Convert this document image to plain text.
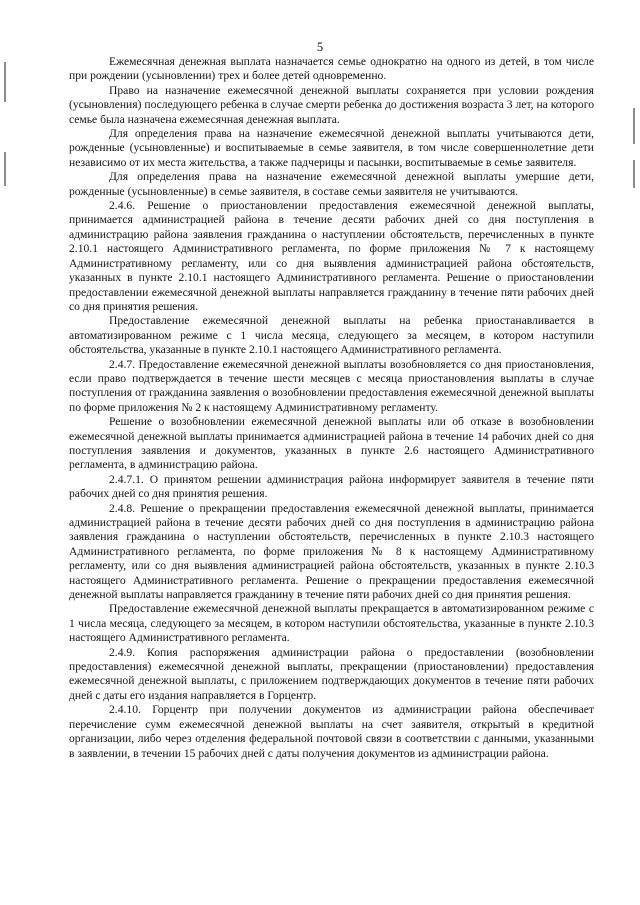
5

Ежемесячная денежная выплата назначается семье однократно на одного из детей, в том числе при рождении (усыновлении) трех и более детей одновременно.

Право на назначение ежемесячной денежной выплаты сохраняется при условии рождения (усыновления) последующего ребенка в случае смерти ребенка до достижения возраста 3 лет, на которого семье была назначена ежемесячная денежная выплата.

Для определения права на назначение ежемесячной денежной выплаты учитываются дети, рожденные (усыновленные) и воспитываемые в семье заявителя, в том числе совершеннолетние дети независимо от их места жительства, а также падчерицы и пасынки, воспитываемые в семье заявителя.

Для определения права на назначение ежемесячной денежной выплаты умершие дети, рожденные (усыновленные) в семье заявителя, в составе семьи заявителя не учитываются.

2.4.6. Решение о приостановлении предоставления ежемесячной денежной выплаты, принимается администрацией района в течение десяти рабочих дней со дня поступления в администрацию района заявления гражданина о наступлении обстоятельств, перечисленных в пункте 2.10.1 настоящего Административного регламента, по форме приложения № 7 к настоящему Административному регламенту, или со дня выявления администрацией района обстоятельств, указанных в пункте 2.10.1 настоящего Административного регламента. Решение о приостановлении предоставлении ежемесячной денежной выплаты направляется гражданину в течение пяти рабочих дней со дня принятия решения.

Предоставление ежемесячной денежной выплаты на ребенка приостанавливается в автоматизированном режиме с 1 числа месяца, следующего за месяцем, в котором наступили обстоятельства, указанные в пункте 2.10.1 настоящего Административного регламента.

2.4.7. Предоставление ежемесячной денежной выплаты возобновляется со дня приостановления, если право подтверждается в течение шести месяцев с месяца приостановления выплаты в случае поступления от гражданина заявления о возобновлении предоставления ежемесячной денежной выплаты по форме приложения № 2 к настоящему Административному регламенту.

Решение о возобновлении ежемесячной денежной выплаты или об отказе в возобновлении ежемесячной денежной выплаты принимается администрацией района в течение 14 рабочих дней со дня поступления заявления и документов, указанных в пункте 2.6 настоящего Административного регламента, в администрацию района.

2.4.7.1. О принятом решении администрация района информирует заявителя в течение пяти рабочих дней со дня принятия решения.

2.4.8. Решение о прекращении предоставления ежемесячной денежной выплаты, принимается администрацией района в течение десяти рабочих дней со дня поступления в администрацию района заявления гражданина о наступлении обстоятельств, перечисленных в пункте 2.10.3 настоящего Административного регламента, по форме приложения № 8 к настоящему Административному регламенту, или со дня выявления администрацией района обстоятельств, указанных в пункте 2.10.3 настоящего Административного регламента. Решение о прекращении предоставления ежемесячной денежной выплаты направляется гражданину в течение пяти рабочих дней со дня принятия решения.

Предоставление ежемесячной денежной выплаты прекращается в автоматизированном режиме с 1 числа месяца, следующего за месяцем, в котором наступили обстоятельства, указанные в пункте 2.10.3 настоящего Административного регламента.

2.4.9. Копия распоряжения администрации района о предоставлении (возобновлении предоставления) ежемесячной денежной выплаты, прекращении (приостановлении) предоставления ежемесячной денежной выплаты, с приложением подтверждающих документов в течение пяти рабочих дней с даты его издания направляется в Горцентр.

2.4.10. Горцентр при получении документов из администрации района обеспечивает перечисление сумм ежемесячной денежной выплаты на счет заявителя, открытый в кредитной организации, либо через отделения федеральной почтовой связи в соответствии с данными, указанными в заявлении, в течении 15 рабочих дней с даты получения документов из администрации района.
